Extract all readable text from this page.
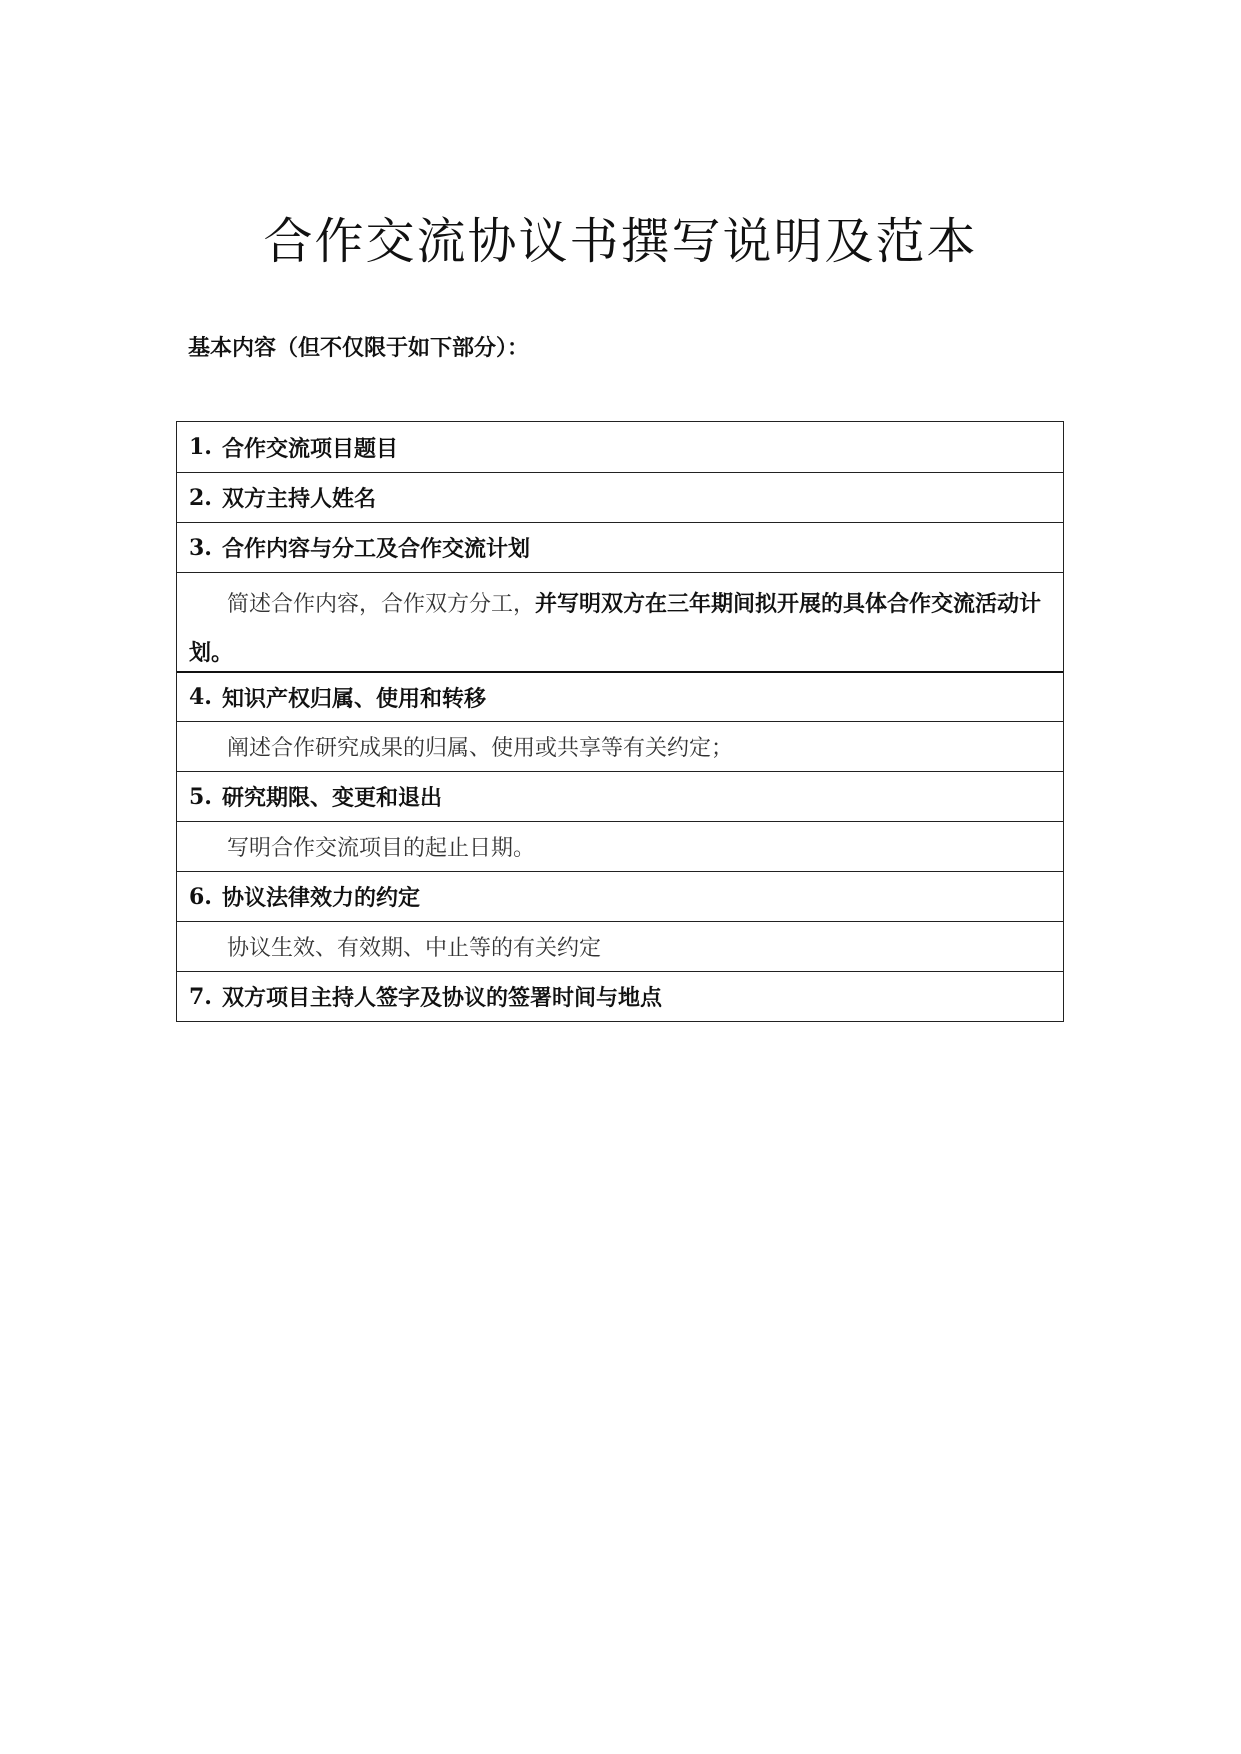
合作交流协议书撰写说明及范本

基本内容（但不仅限于如下部分）：

1. 合作交流项目题目
2. 双方主持人姓名
3. 合作内容与分工及合作交流计划
简述合作内容，合作双方分工，并写明双方在三年期间拟开展的具体合作交流活动计划。
4. 知识产权归属、使用和转移
阐述合作研究成果的归属、使用或共享等有关约定；
5. 研究期限、变更和退出
写明合作交流项目的起止日期。
6. 协议法律效力的约定
协议生效、有效期、中止等的有关约定
7. 双方项目主持人签字及协议的签署时间与地点
